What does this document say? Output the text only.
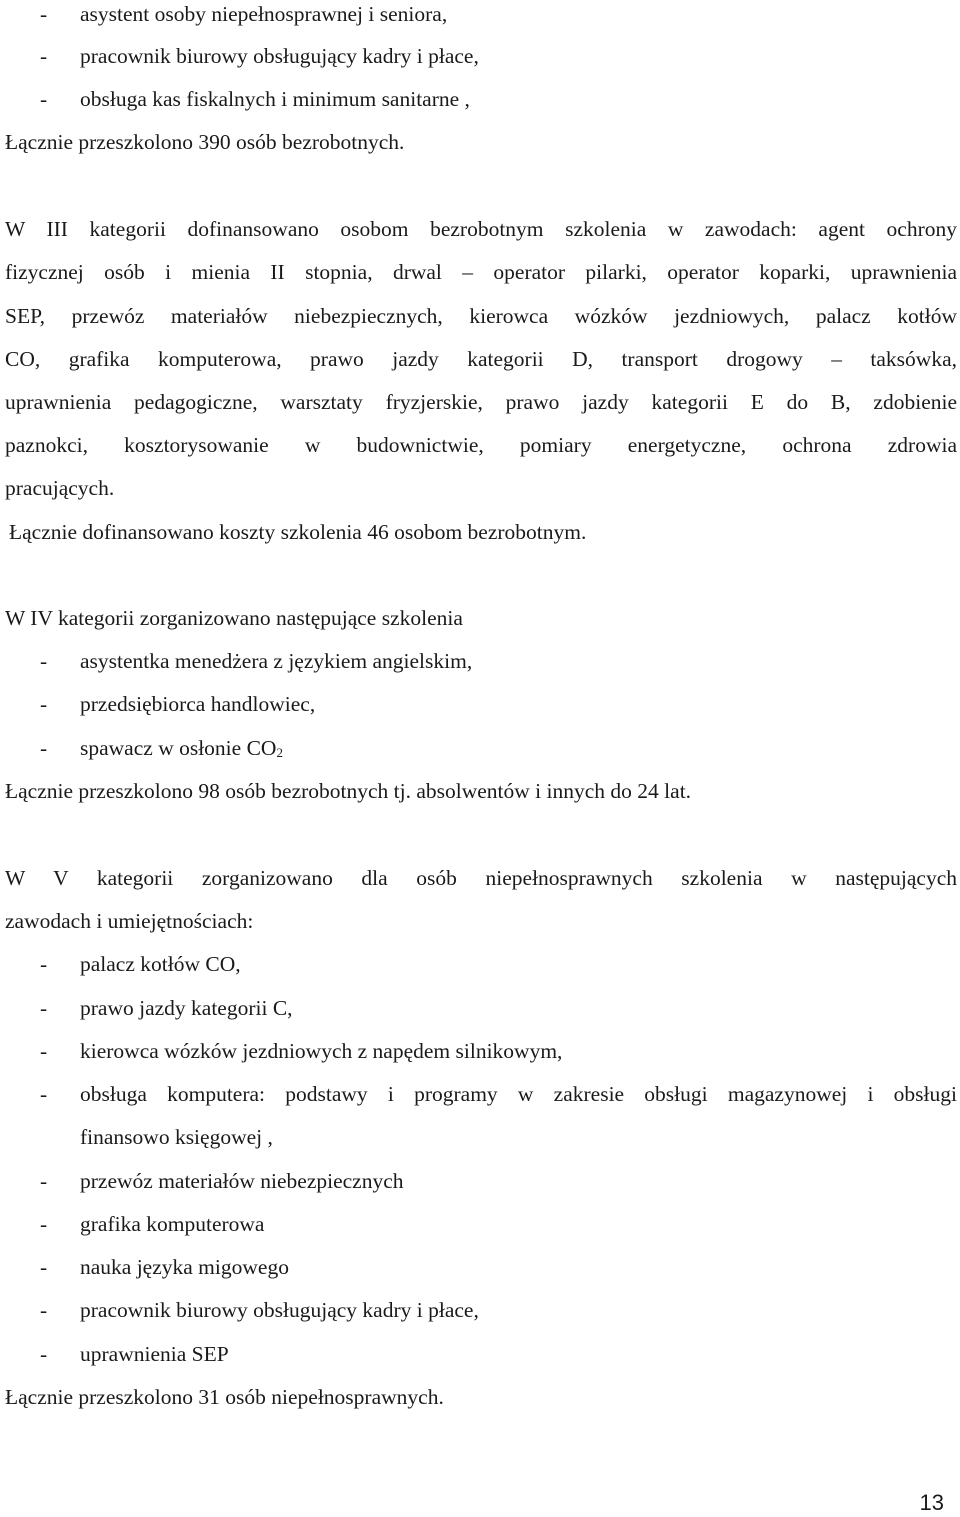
- asystent osoby niepełnosprawnej i seniora,
- pracownik biurowy obsługujący kadry i płace,
- obsługa kas fiskalnych i minimum sanitarne ,
Łącznie przeszkolono 390 osób bezrobotnych.
W III kategorii dofinansowano osobom bezrobotnym szkolenia w zawodach: agent ochrony
fizycznej osób i mienia II stopnia, drwal – operator pilarki, operator koparki, uprawnienia
SEP, przewóz materiałów niebezpiecznych, kierowca wózków jezdniowych, palacz kotłów
CO, grafika komputerowa, prawo jazdy kategorii D, transport drogowy – taksówka,
uprawnienia pedagogiczne, warsztaty fryzjerskie, prawo jazdy kategorii E do B, zdobienie
paznokci, kosztorysowanie w budownictwie, pomiary energetyczne, ochrona zdrowia
pracujących.
Łącznie dofinansowano koszty szkolenia 46 osobom bezrobotnym.
W IV kategorii zorganizowano następujące szkolenia
- asystentka menedżera z językiem angielskim,
- przedsiębiorca handlowiec,
- spawacz w osłonie $CO_2$
Łącznie przeszkolono 98 osób bezrobotnych tj. absolwentów i innych do 24 lat.
W V kategorii zorganizowano dla osób niepełnosprawnych szkolenia w następujących
zawodach i umiejętnościach:
- palacz kotłów CO,
- prawo jazdy kategorii C,
- kierowca wózków jezdniowych z napędem silnikowym,
- obsługa komputera: podstawy i programy w zakresie obsługi magazynowej i obsługi
finansowo księgowej ,
- przewóz materiałów niebezpiecznych
- grafika komputerowa
- nauka języka migowego
- pracownik biurowy obsługujący kadry i płace,
- uprawnienia SEP
Łącznie przeszkolono 31 osób niepełnosprawnych.
13
